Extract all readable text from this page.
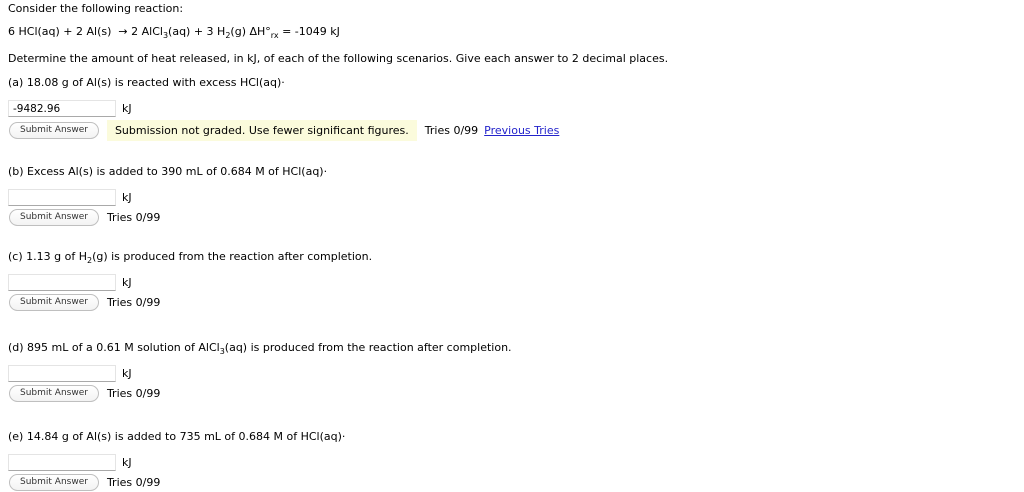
Consider the following reaction:

6 HCl(aq) + 2 Al(s)  → 2 AlCl$_3$(aq) + 3 $H_2(g) \Delta H^\circ_{rx} = -1049$ kJ

Determine the amount of heat released, in kJ, of each of the following scenarios. Give each answer to 2 decimal places.

(a) 18.08 g of Al(s) is reacted with excess HCl(aq)·

-9482.96
kJ
Submit Answer	Submission not graded. Use fewer significant figures.	Tries 0/99 Previous Tries

(b) Excess Al(s) is added to 390 mL of 0.684 M of HCl(aq)·

kJ
Submit Answer	Tries 0/99

(c) 1.13 g of $H_2(g)$ is produced from the reaction after completion.

kJ
Submit Answer	Tries 0/99

(d) 895 mL of a 0.61 M solution of AlCl$_3$(aq) is produced from the reaction after completion.

kJ
Submit Answer	Tries 0/99

(e) 14.84 g of Al(s) is added to 735 mL of 0.684 M of HCl(aq)·

kJ
Submit Answer	Tries 0/99
